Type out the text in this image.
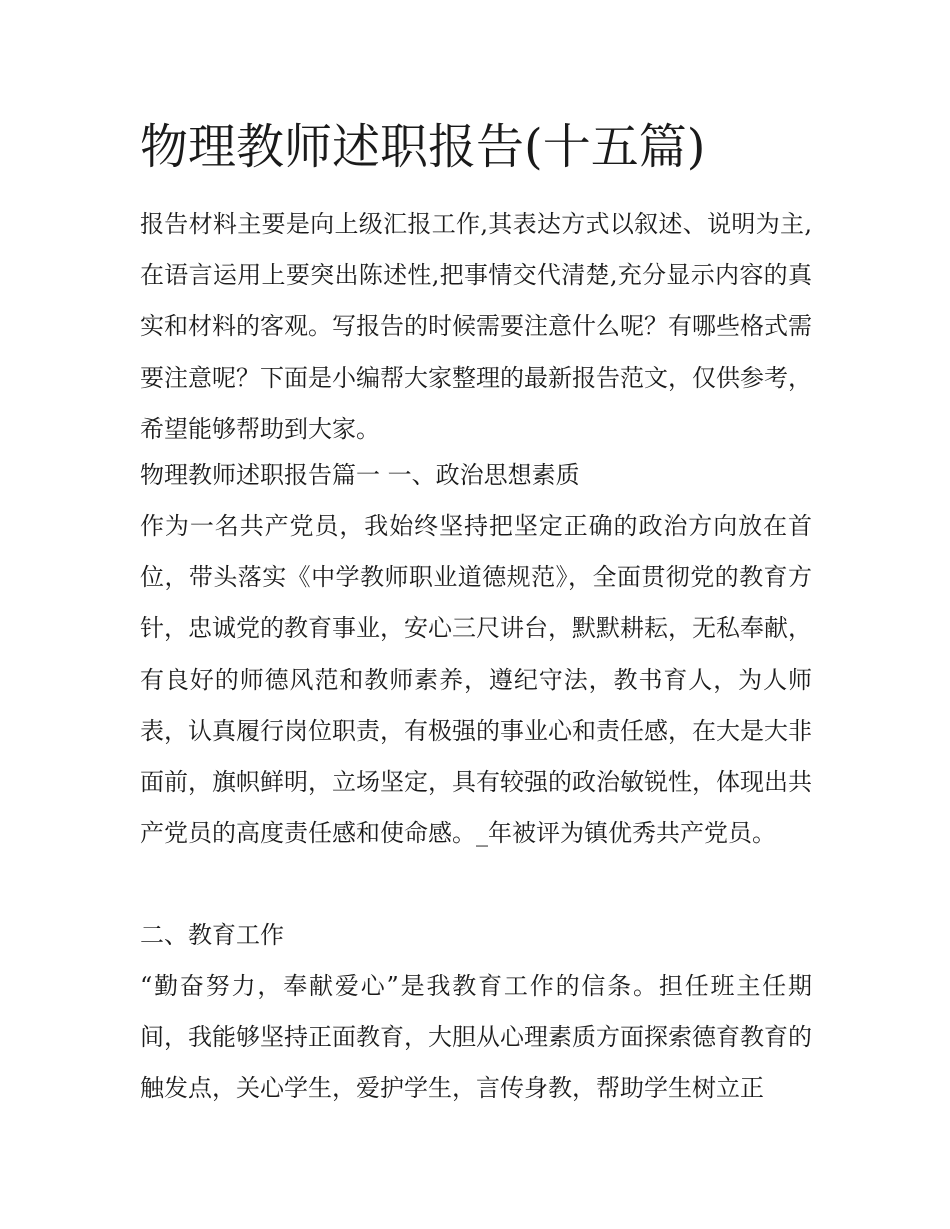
物理教师述职报告(十五篇)

报告材料主要是向上级汇报工作,其表达方式以叙述、说明为主,在语言运用上要突出陈述性,把事情交代清楚,充分显示内容的真实和材料的客观。写报告的时候需要注意什么呢？有哪些格式需要注意呢？下面是小编帮大家整理的最新报告范文，仅供参考，希望能够帮助到大家。

物理教师述职报告篇一 一、政治思想素质

作为一名共产党员，我始终坚持把坚定正确的政治方向放在首位，带头落实《中学教师职业道德规范》，全面贯彻党的教育方针，忠诚党的教育事业，安心三尺讲台，默默耕耘，无私奉献，有良好的师德风范和教师素养，遵纪守法，教书育人，为人师表，认真履行岗位职责，有极强的事业心和责任感，在大是大非面前，旗帜鲜明，立场坚定，具有较强的政治敏锐性，体现出共产党员的高度责任感和使命感。_年被评为镇优秀共产党员。

二、教育工作

“勤奋努力，奉献爱心”是我教育工作的信条。担任班主任期间，我能够坚持正面教育，大胆从心理素质方面探索德育教育的触发点，关心学生，爱护学生，言传身教，帮助学生树立正
